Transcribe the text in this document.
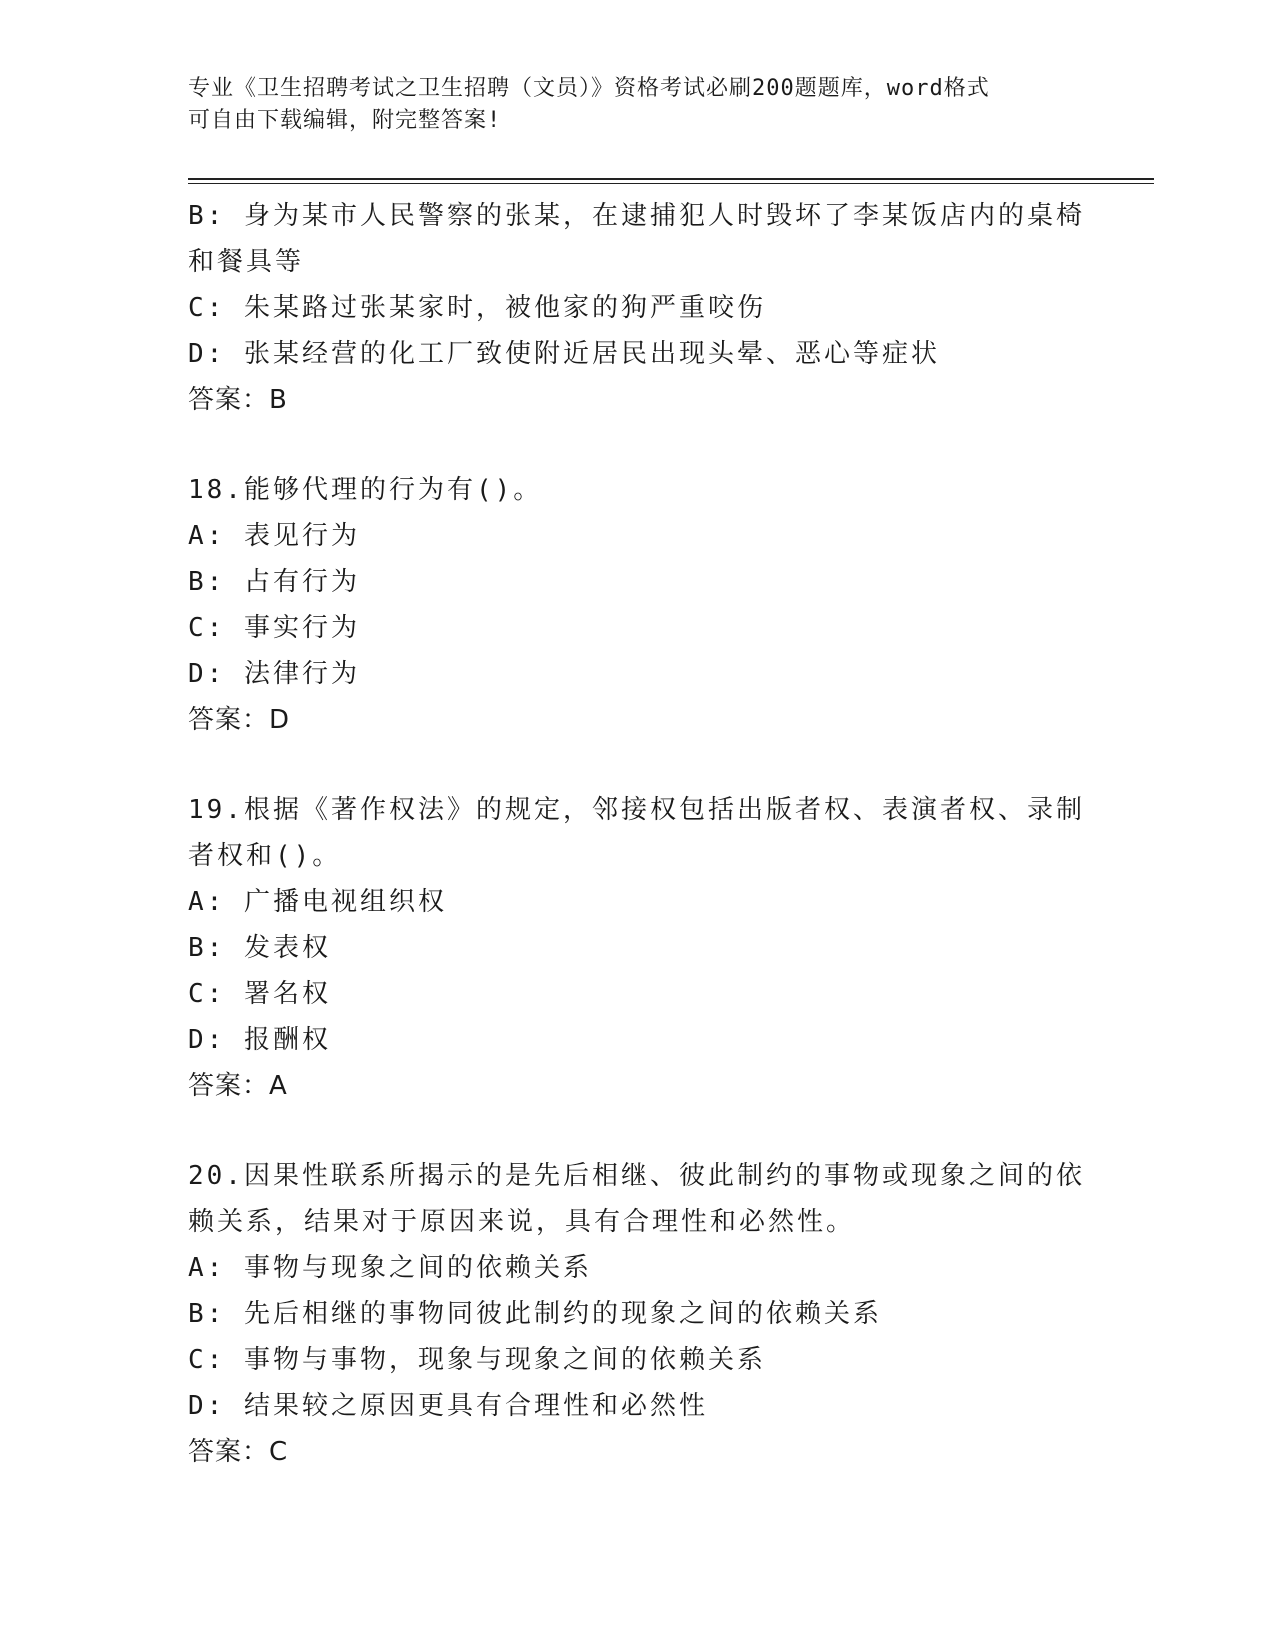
专业《卫生招聘考试之卫生招聘（文员）》资格考试必刷200题题库，word格式
可自由下载编辑，附完整答案!
B: 身为某市人民警察的张某，在逮捕犯人时毁坏了李某饭店内的桌椅
和餐具等
C: 朱某路过张某家时，被他家的狗严重咬伤
D: 张某经营的化工厂致使附近居民出现头晕、恶心等症状
答案：B
18.能够代理的行为有()。
A: 表见行为
B: 占有行为
C: 事实行为
D: 法律行为
答案：D
19.根据《著作权法》的规定，邻接权包括出版者权、表演者权、录制
者权和()。
A: 广播电视组织权
B: 发表权
C: 署名权
D: 报酬权
答案：A
20.因果性联系所揭示的是先后相继、彼此制约的事物或现象之间的依
赖关系，结果对于原因来说，具有合理性和必然性。
A: 事物与现象之间的依赖关系
B: 先后相继的事物同彼此制约的现象之间的依赖关系
C: 事物与事物，现象与现象之间的依赖关系
D: 结果较之原因更具有合理性和必然性
答案：C
